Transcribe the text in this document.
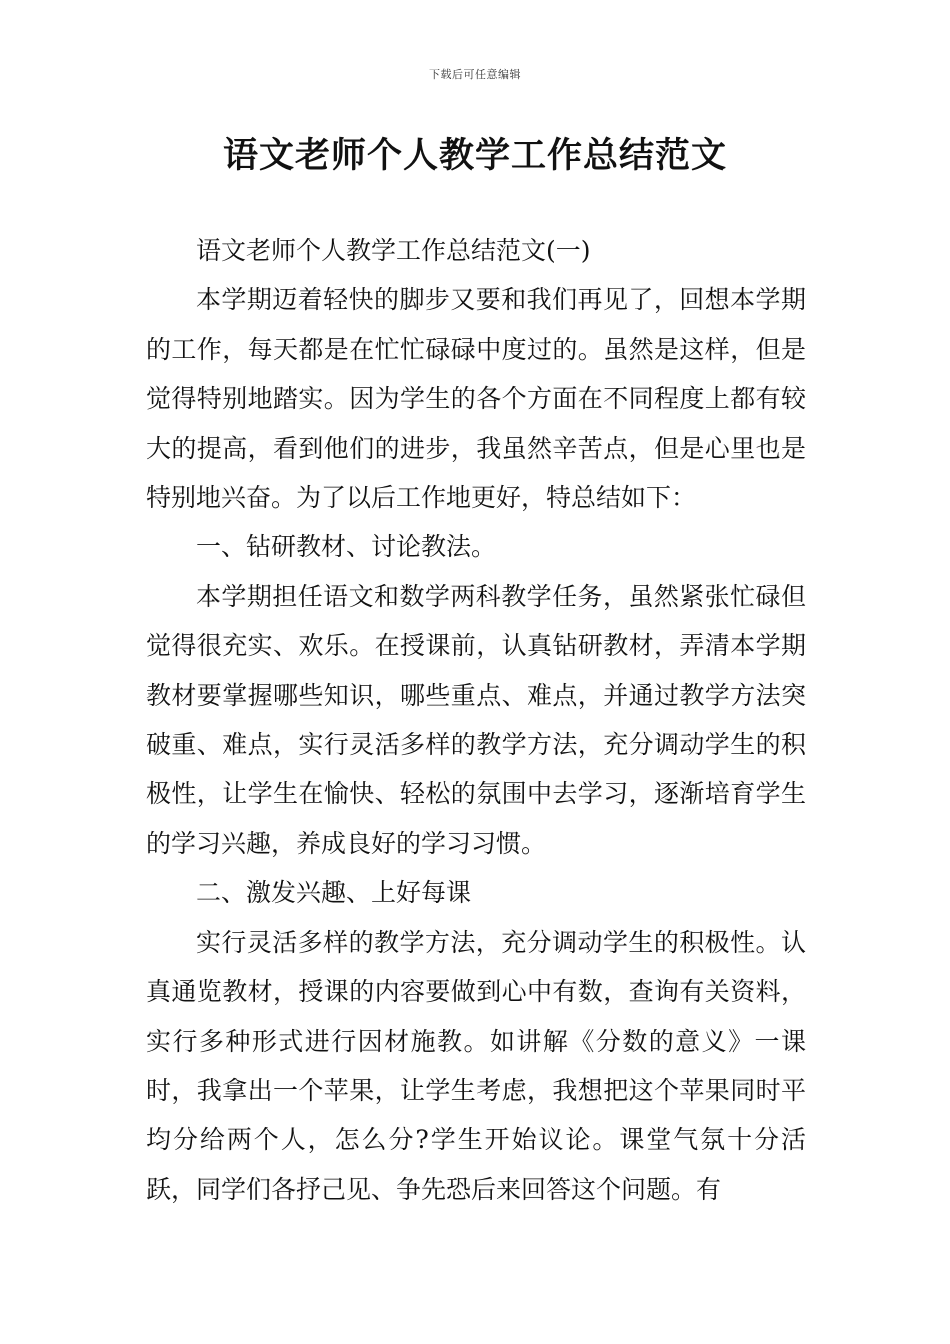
下载后可任意编辑
语文老师个人教学工作总结范文

语文老师个人教学工作总结范文(一)

本学期迈着轻快的脚步又要和我们再见了，回想本学期的工作，每天都是在忙忙碌碌中度过的。虽然是这样，但是觉得特别地踏实。因为学生的各个方面在不同程度上都有较大的提高，看到他们的进步，我虽然辛苦点，但是心里也是特别地兴奋。为了以后工作地更好，特总结如下：

一、钻研教材、讨论教法。

本学期担任语文和数学两科教学任务，虽然紧张忙碌但觉得很充实、欢乐。在授课前，认真钻研教材，弄清本学期教材要掌握哪些知识，哪些重点、难点，并通过教学方法突破重、难点，实行灵活多样的教学方法，充分调动学生的积极性，让学生在愉快、轻松的氛围中去学习，逐渐培育学生的学习兴趣，养成良好的学习习惯。

二、激发兴趣、上好每课

实行灵活多样的教学方法，充分调动学生的积极性。认真通览教材，授课的内容要做到心中有数，查询有关资料，实行多种形式进行因材施教。如讲解《分数的意义》一课时，我拿出一个苹果，让学生考虑，我想把这个苹果同时平均分给两个人，怎么分?学生开始议论。课堂气氛十分活跃，同学们各抒己见、争先恐后来回答这个问题。有
